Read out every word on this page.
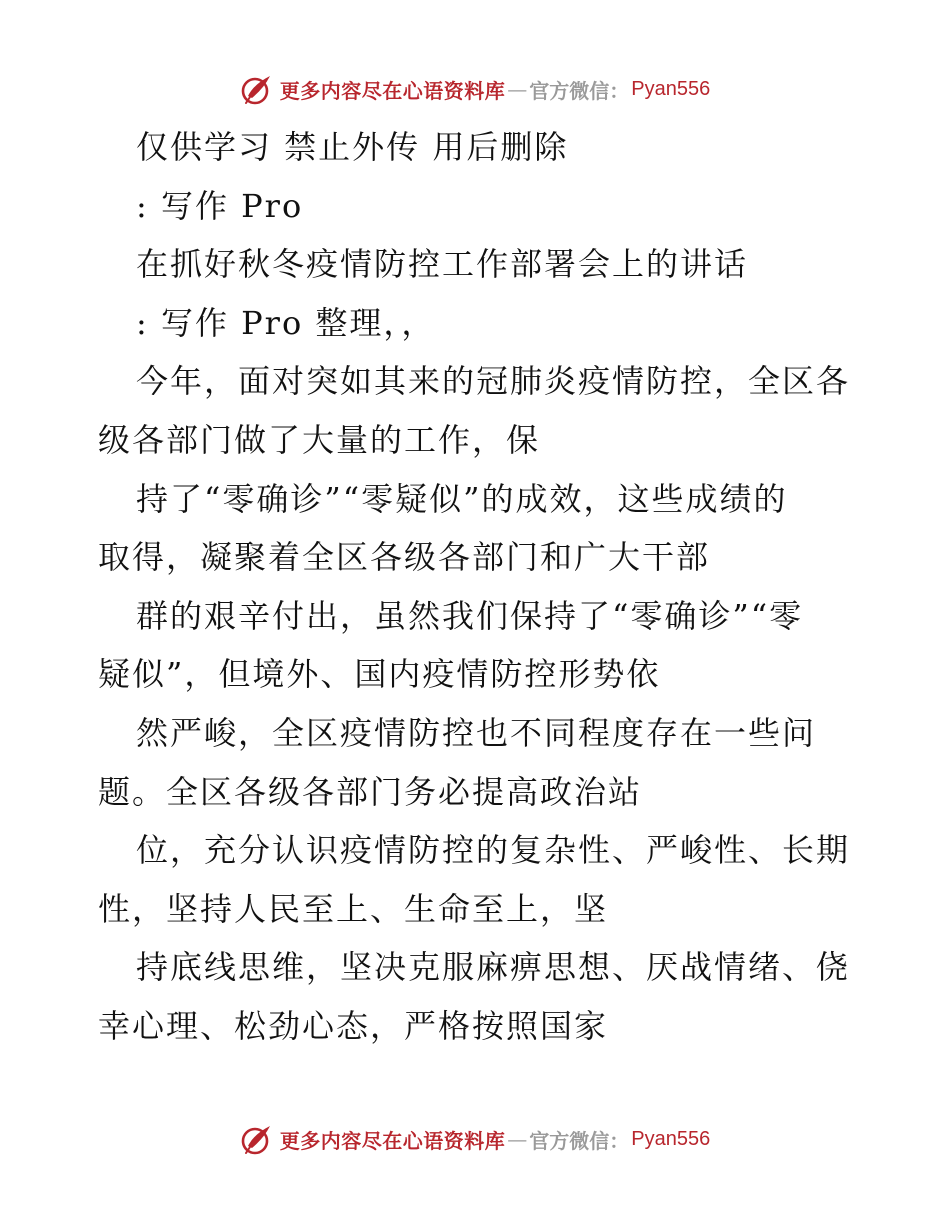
更多内容尽在心语资料库 — 官方微信： Pyan556
仅供学习 禁止外传 用后删除
: 写作 Pro
在抓好秋冬疫情防控工作部署会上的讲话
: 写作 Pro 整理，，
今年，面对突如其来的冠肺炎疫情防控，全区各
级各部门做了大量的工作，保
持了“零确诊”“零疑似”的成效，这些成绩的
取得，凝聚着全区各级各部门和广大干部
群的艰辛付出，虽然我们保持了“零确诊”“零
疑似”，但境外、国内疫情防控形势依
然严峻，全区疫情防控也不同程度存在一些问
题。全区各级各部门务必提高政治站
位，充分认识疫情防控的复杂性、严峻性、长期
性，坚持人民至上、生命至上，坚
持底线思维，坚决克服麻痹思想、厌战情绪、侥
幸心理、松劲心态，严格按照国家
更多内容尽在心语资料库 — 官方微信： Pyan556
